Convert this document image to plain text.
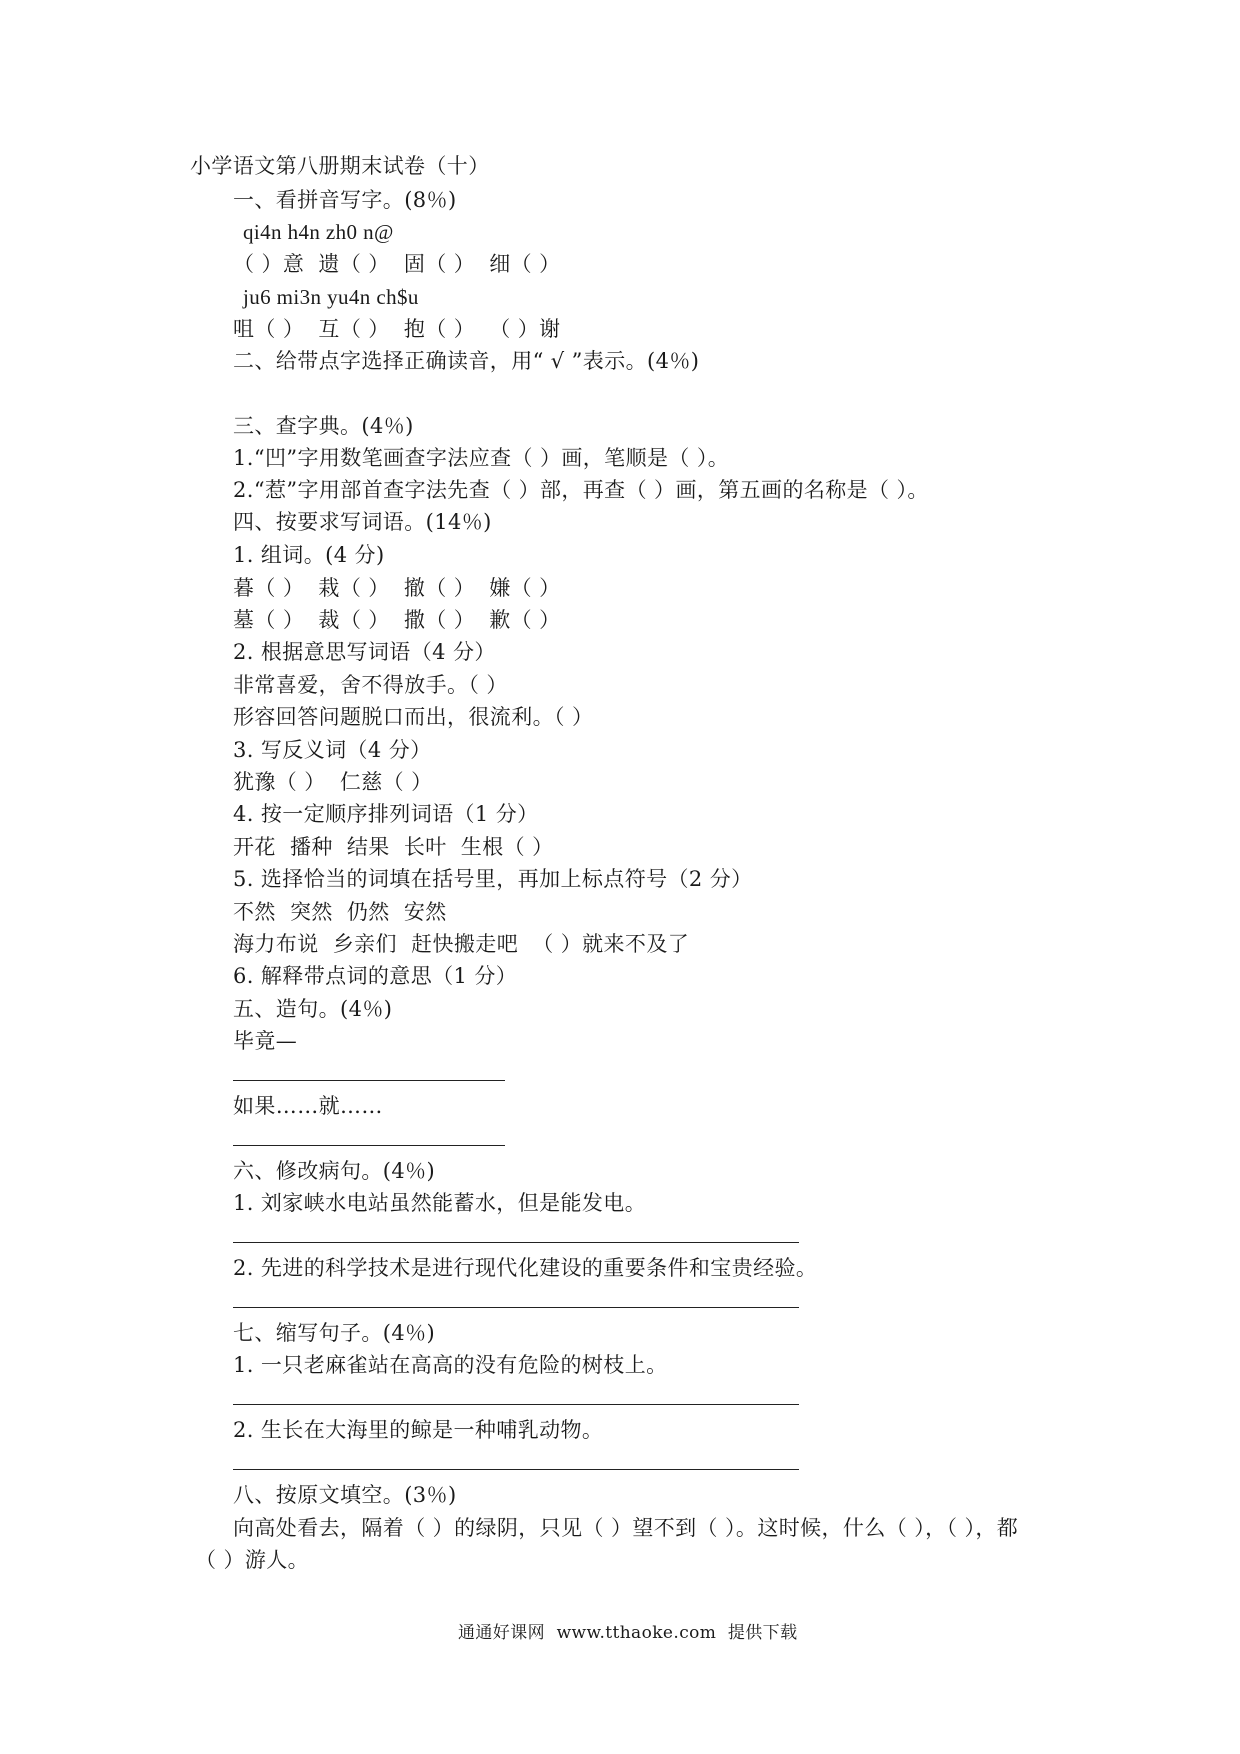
小学语文第八册期末试卷（十）
一、看拼音写字。(8％)
qi4n h4n zh0 n@
（ ）意  遗（ ）  固（ ）  细（ ）
ju6 mi3n yu4n ch$u
咀（ ）  互（ ）  抱（ ）  （ ）谢
二、给带点字选择正确读音，用“ √ ”表示。(4％)
三、查字典。(4％)
1.“凹”字用数笔画查字法应查（ ）画，笔顺是（ ）。
2.“惹”字用部首查字法先查（ ）部，再查（ ）画，第五画的名称是（ ）。
四、按要求写词语。(14％)
1. 组词。(4 分)
暮（ ）  栽（ ）  撤（ ）  嫌（ ）
墓（ ）  裁（ ）  撒（ ）  歉（ ）
2. 根据意思写词语（4 分）
非常喜爱，舍不得放手。（ ）
形容回答问题脱口而出，很流利。（ ）
3. 写反义词（4 分）
犹豫（ ）  仁慈（ ）
4. 按一定顺序排列词语（1 分）
开花  播种  结果  长叶  生根（ ）
5. 选择恰当的词填在括号里，再加上标点符号（2 分）
不然  突然  仍然  安然
海力布说  乡亲们  赶快搬走吧  （ ）就来不及了
6. 解释带点词的意思（1 分）
五、造句。(4％)
毕竟—
如果……就……
六、修改病句。(4％)
1. 刘家峡水电站虽然能蓄水，但是能发电。
2. 先进的科学技术是进行现代化建设的重要条件和宝贵经验。
七、缩写句子。(4％)
1. 一只老麻雀站在高高的没有危险的树枝上。
2. 生长在大海里的鲸是一种哺乳动物。
八、按原文填空。(3％)
向高处看去，隔着（ ）的绿阴，只见（ ）望不到（ ）。这时候，什么（ ），（ ），都
（ ）游人。
通通好课网  www.tthaoke.com  提供下载
